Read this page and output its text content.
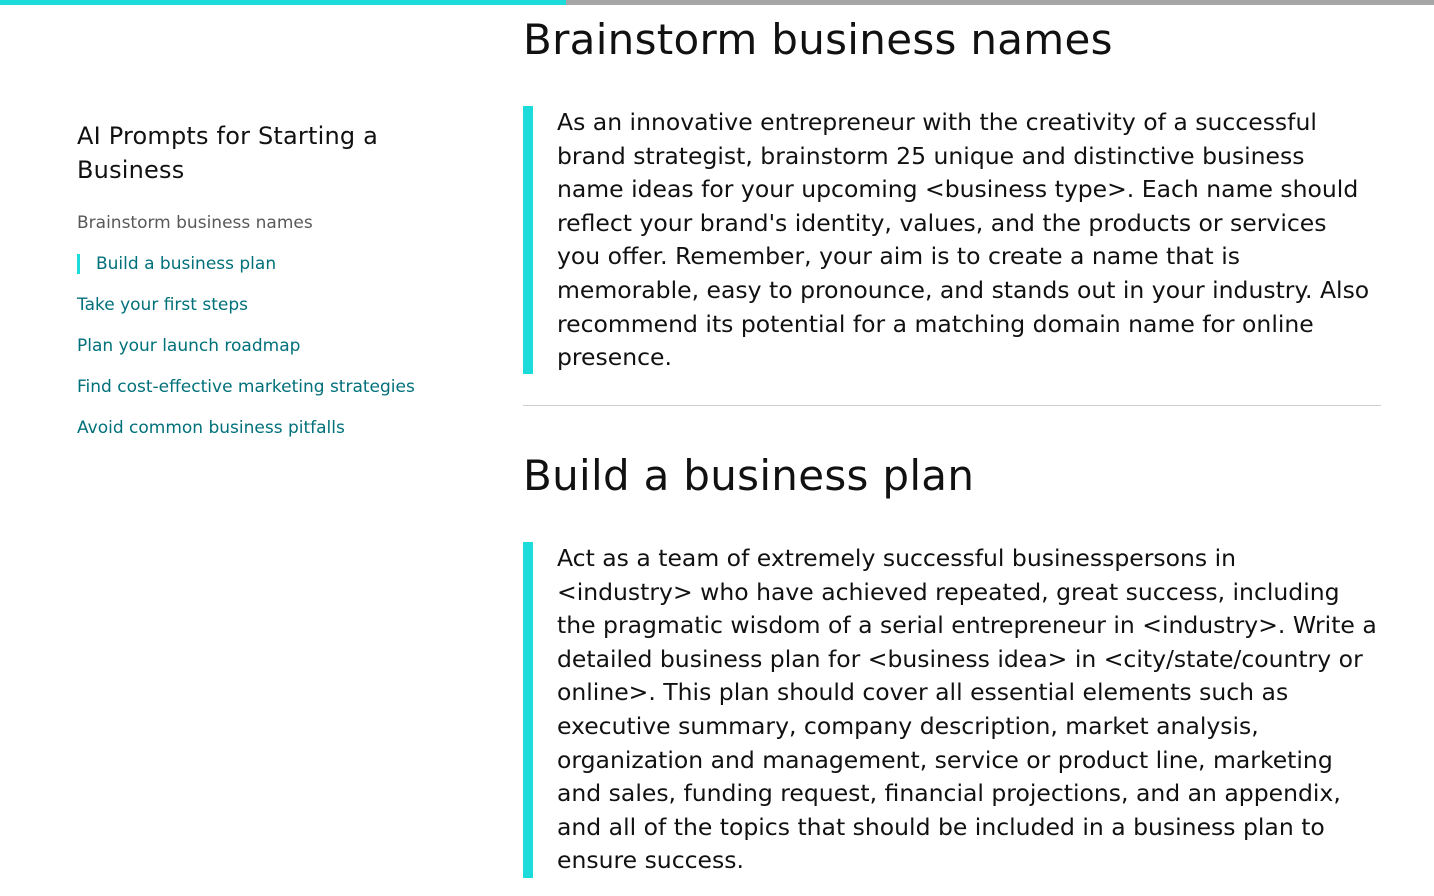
AI Prompts for Starting a Business
Brainstorm business names
Build a business plan
Take your first steps
Plan your launch roadmap
Find cost-effective marketing strategies
Avoid common business pitfalls
Brainstorm business names
As an innovative entrepreneur with the creativity of a successful brand strategist, brainstorm 25 unique and distinctive business name ideas for your upcoming <business type>. Each name should reflect your brand's identity, values, and the products or services you offer. Remember, your aim is to create a name that is memorable, easy to pronounce, and stands out in your industry. Also recommend its potential for a matching domain name for online presence.
Build a business plan
Act as a team of extremely successful businesspersons in <industry> who have achieved repeated, great success, including the pragmatic wisdom of a serial entrepreneur in <industry>. Write a detailed business plan for <business idea> in <city/state/country or online>. This plan should cover all essential elements such as executive summary, company description, market analysis, organization and management, service or product line, marketing and sales, funding request, financial projections, and an appendix, and all of the topics that should be included in a business plan to ensure success.
